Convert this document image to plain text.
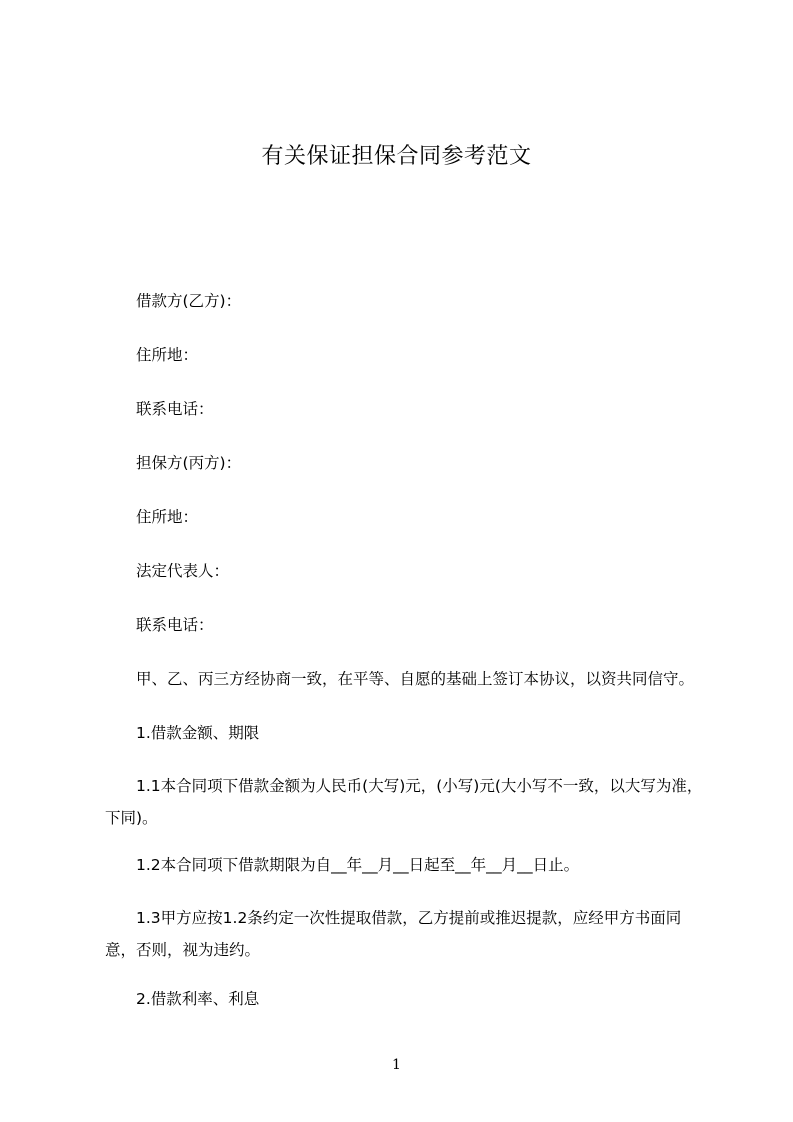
有关保证担保合同参考范文
借款方(乙方)：
住所地：
联系电话：
担保方(丙方)：
住所地：
法定代表人：
联系电话：
甲、乙、丙三方经协商一致，在平等、自愿的基础上签订本协议，以资共同信守。
1.借款金额、期限
1.1本合同项下借款金额为人民币(大写)元，(小写)元(大小写不一致，以大写为准，下同)。
1.2本合同项下借款期限为自__年__月__日起至__年__月__日止。
1.3甲方应按1.2条约定一次性提取借款，乙方提前或推迟提款，应经甲方书面同意，否则，视为违约。
2.借款利率、利息
1
